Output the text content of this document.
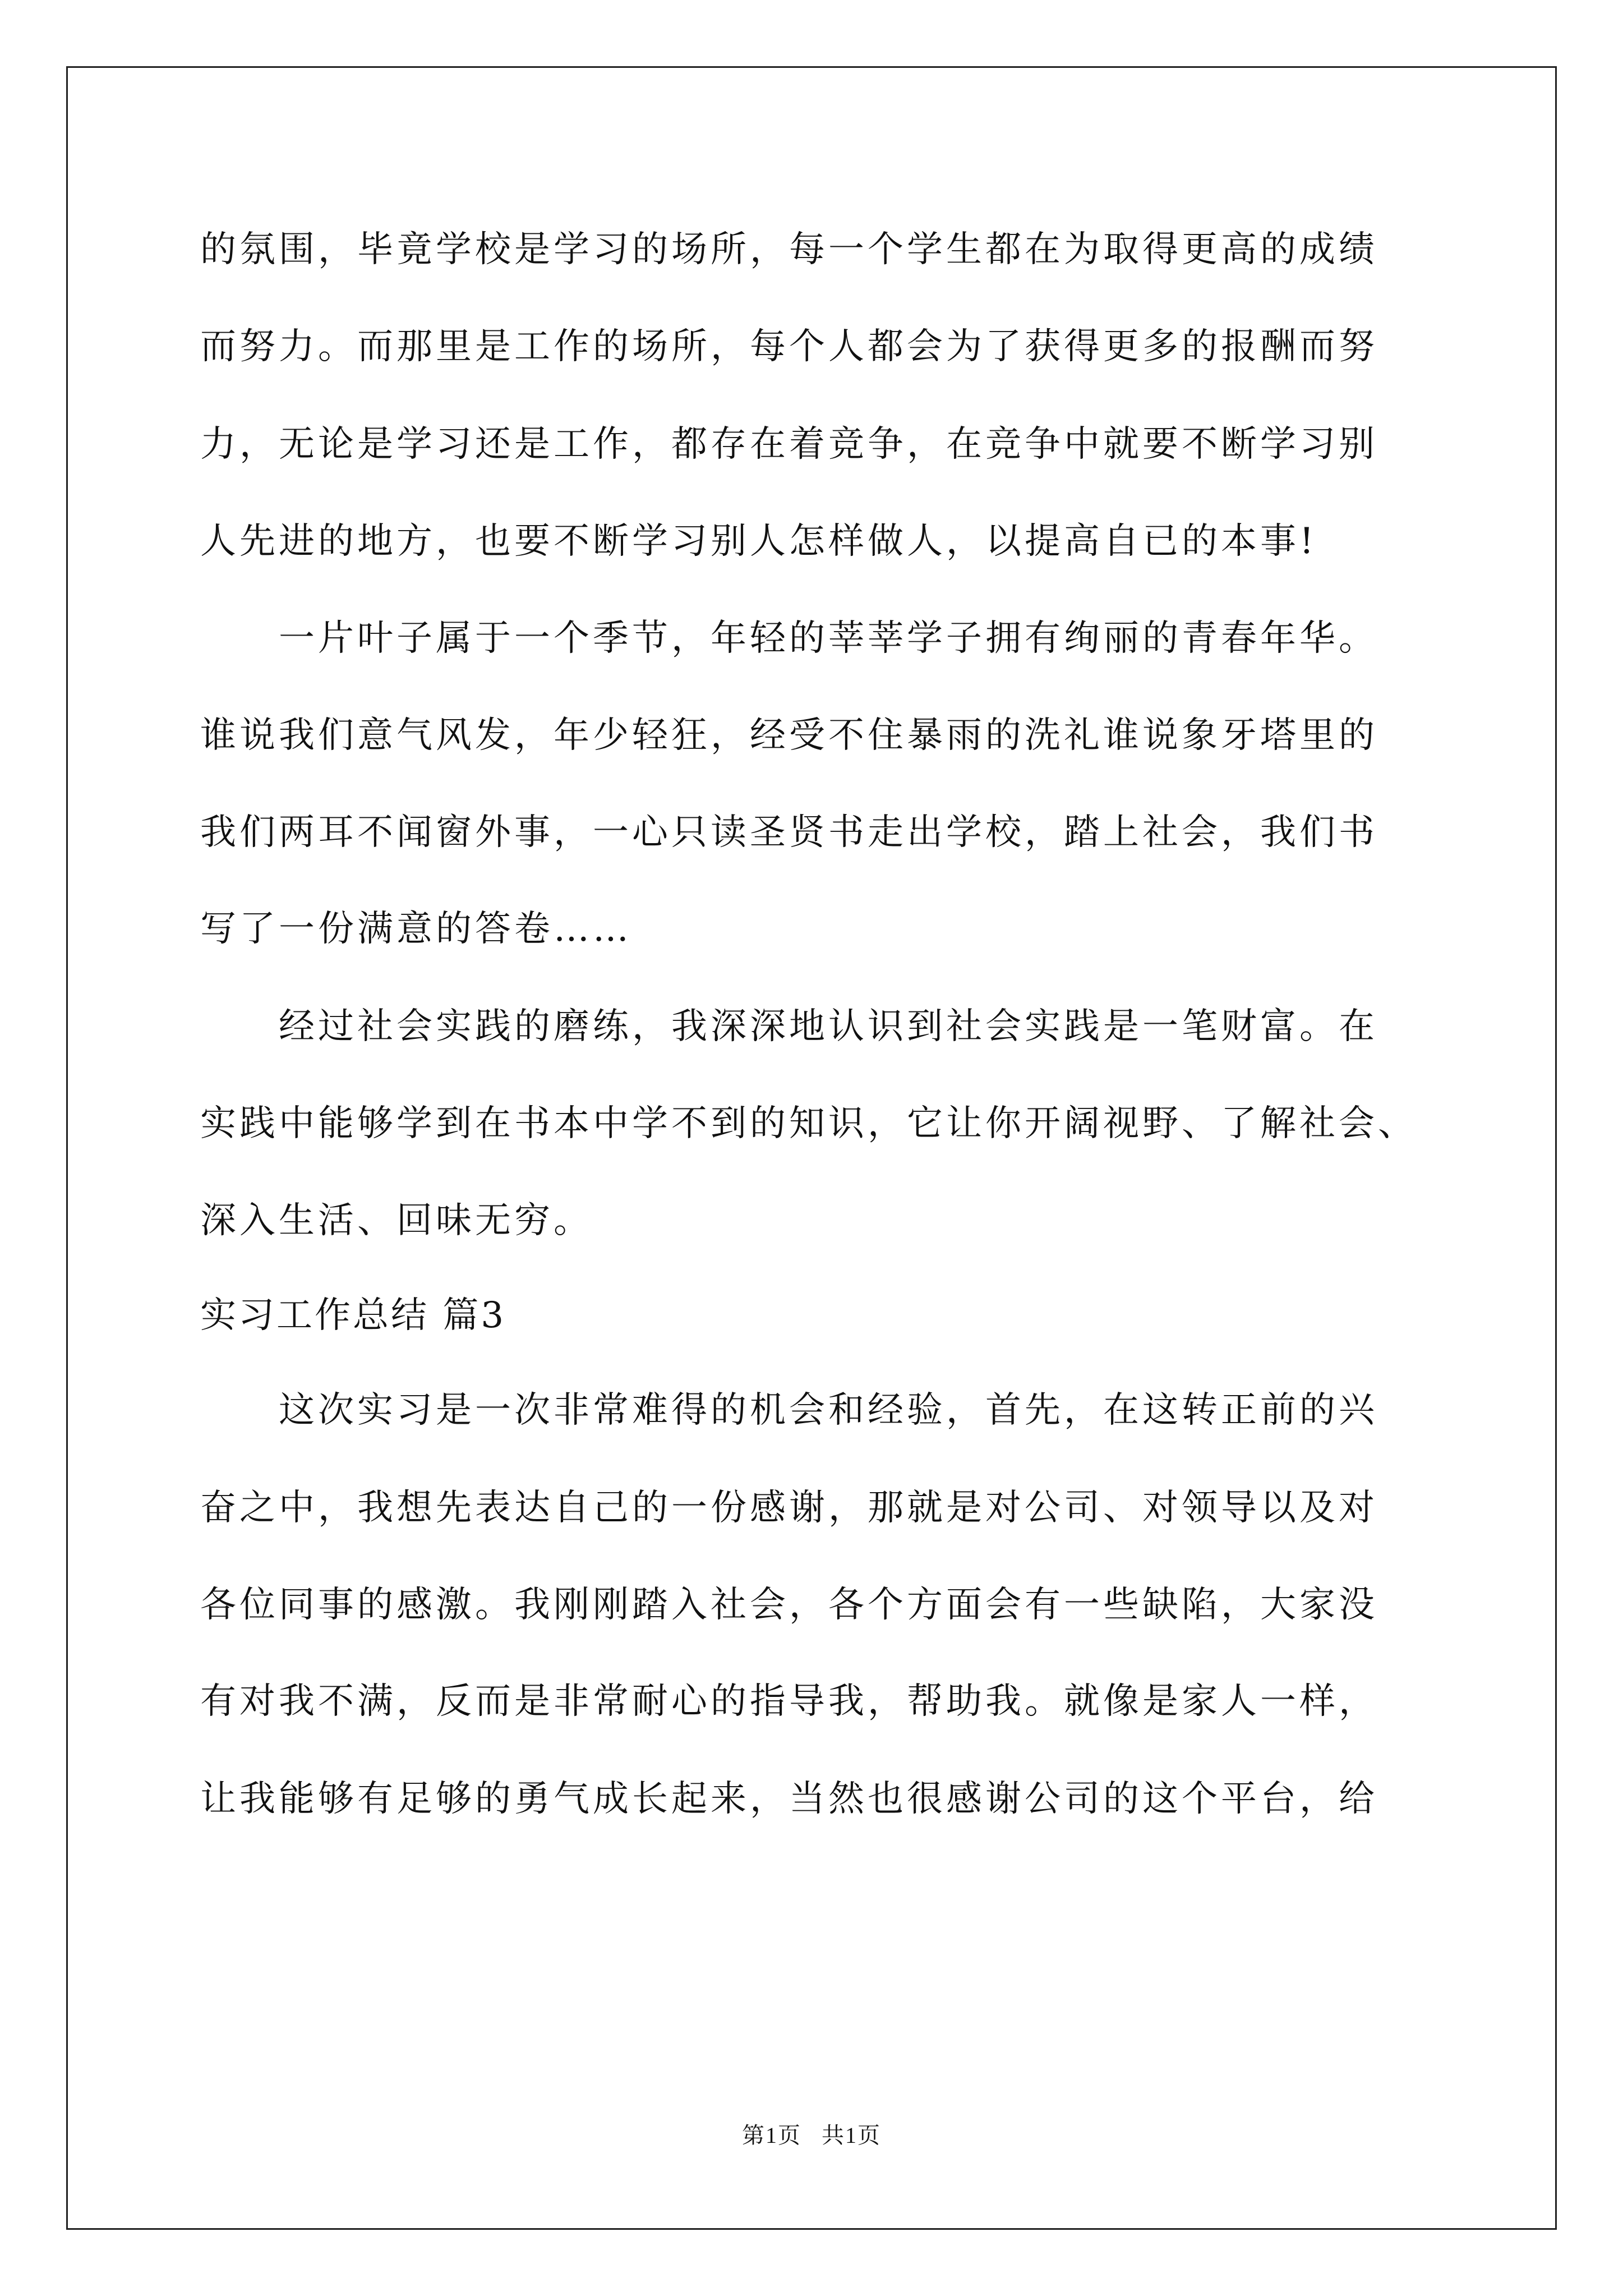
的氛围，毕竟学校是学习的场所，每一个学生都在为取得更高的成绩
而努力。而那里是工作的场所，每个人都会为了获得更多的报酬而努
力，无论是学习还是工作，都存在着竞争，在竞争中就要不断学习别
人先进的地方，也要不断学习别人怎样做人，以提高自已的本事!
　　一片叶子属于一个季节，年轻的莘莘学子拥有绚丽的青春年华。
谁说我们意气风发，年少轻狂，经受不住暴雨的洗礼谁说象牙塔里的
我们两耳不闻窗外事，一心只读圣贤书走出学校，踏上社会，我们书
写了一份满意的答卷……
　　经过社会实践的磨练，我深深地认识到社会实践是一笔财富。在
实践中能够学到在书本中学不到的知识，它让你开阔视野、了解社会、
深入生活、回味无穷。
实习工作总结 篇3
　　这次实习是一次非常难得的机会和经验，首先，在这转正前的兴
奋之中，我想先表达自己的一份感谢，那就是对公司、对领导以及对
各位同事的感激。我刚刚踏入社会，各个方面会有一些缺陷，大家没
有对我不满，反而是非常耐心的指导我，帮助我。就像是家人一样，
让我能够有足够的勇气成长起来，当然也很感谢公司的这个平台，给
第1页   共1页
